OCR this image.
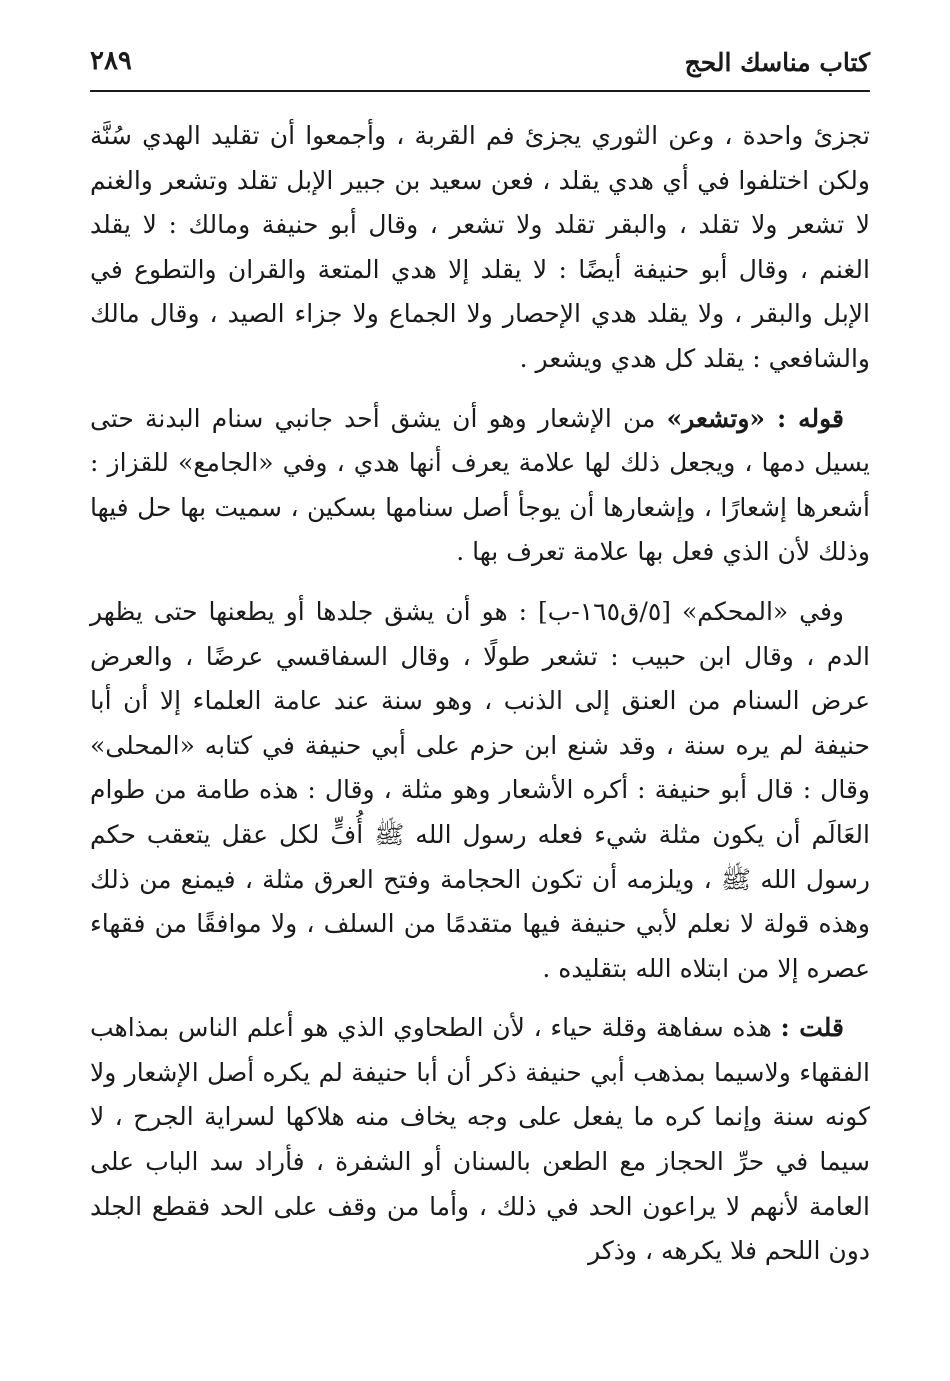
كتاب مناسك الحج
٢٨٩

تجزئ واحدة ، وعن الثوري يجزئ فم القربة ، وأجمعوا أن تقليد الهدي سُنَّة ولكن اختلفوا في أي هدي يقلد ، فعن سعيد بن جبير الإبل تقلد وتشعر والغنم لا تشعر ولا تقلد ، والبقر تقلد ولا تشعر ، وقال أبو حنيفة ومالك : لا يقلد الغنم ، وقال أبو حنيفة أيضًا : لا يقلد إلا هدي المتعة والقران والتطوع في الإبل والبقر ، ولا يقلد هدي الإحصار ولا الجماع ولا جزاء الصيد ، وقال مالك والشافعي : يقلد كل هدي ويشعر .

قوله : «وتشعر» من الإشعار وهو أن يشق أحد جانبي سنام البدنة حتى يسيل دمها ، ويجعل ذلك لها علامة يعرف أنها هدي ، وفي «الجامع» للقزاز : أشعرها إشعارًا ، وإشعارها أن يوجأ أصل سنامها بسكين ، سميت بها حل فيها وذلك لأن الذي فعل بها علامة تعرف بها .

وفي «المحكم» [٥/ق١٦٥-ب] : هو أن يشق جلدها أو يطعنها حتى يظهر الدم ، وقال ابن حبيب : تشعر طولًا ، وقال السفاقسي عرضًا ، والعرض عرض السنام من العنق إلى الذنب ، وهو سنة عند عامة العلماء إلا أن أبا حنيفة لم يره سنة ، وقد شنع ابن حزم على أبي حنيفة في كتابه «المحلى» وقال : قال أبو حنيفة : أكره الأشعار وهو مثلة ، وقال : هذه طامة من طوام العَالَم أن يكون مثلة شيء فعله رسول الله ﷺ أُفٍّ لكل عقل يتعقب حكم رسول الله ﷺ ، ويلزمه أن تكون الحجامة وفتح العرق مثلة ، فيمنع من ذلك وهذه قولة لا نعلم لأبي حنيفة فيها متقدمًا من السلف ، ولا موافقًا من فقهاء عصره إلا من ابتلاه الله بتقليده .

قلت : هذه سفاهة وقلة حياء ، لأن الطحاوي الذي هو أعلم الناس بمذاهب الفقهاء ولاسيما بمذهب أبي حنيفة ذكر أن أبا حنيفة لم يكره أصل الإشعار ولا كونه سنة وإنما كره ما يفعل على وجه يخاف منه هلاكها لسراية الجرح ، لا سيما في حرِّ الحجاز مع الطعن بالسنان أو الشفرة ، فأراد سد الباب على العامة لأنهم لا يراعون الحد في ذلك ، وأما من وقف على الحد فقطع الجلد دون اللحم فلا يكرهه ، وذكر
